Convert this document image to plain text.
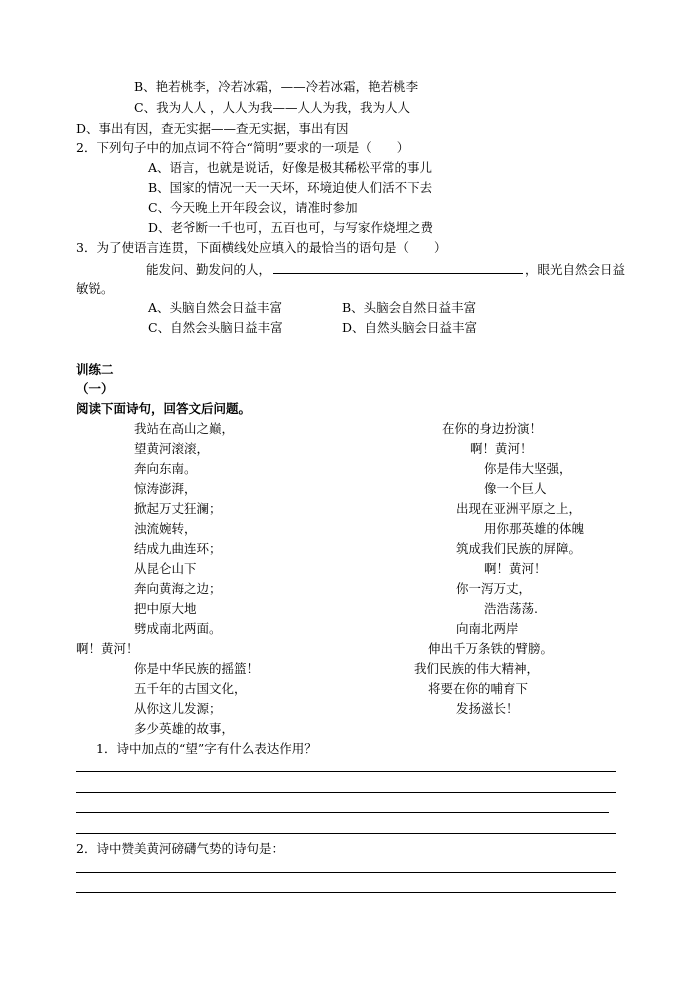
B、艳若桃李，冷若冰霜，——冷若冰霜，艳若桃李
C、我为人人 ，人人为我——人人为我，我为人人
D、事出有因，查无实据——查无实据，事出有因
2．下列句子中的加点词不符合“简明”要求的一项是（　　）
A、语言，也就是说话，好像是极其稀松平常的事儿
B、国家的情况一天一天坏，环境迫使人们活不下去
C、今天晚上开年段会议，请准时参加
D、老爷断一千也可，五百也可，与写家作烧埋之费
3．为了使语言连贯，下面横线处应填入的最恰当的语句是（　　）
能发问、勤发问的人，	，眼光自然会日益
敏锐。
A、头脑自然会日益丰富	B、头脑会自然日益丰富
C、自然会头脑日益丰富	D、自然头脑会日益丰富
训练二
（一）
阅读下面诗句，回答文后问题。
我站在高山之巅，
望黄河滚滚，
奔向东南。
惊涛澎湃，
掀起万丈狂澜；
浊流婉转，
结成九曲连环；
从昆仑山下
奔向黄海之边；
把中原大地
劈成南北两面。
啊！黄河！
你是中华民族的摇篮！
五千年的古国文化，
从你这儿发源；
多少英雄的故事，
在你的身边扮演！
啊！黄河！
你是伟大坚强，
像一个巨人
出现在亚洲平原之上，
用你那英雄的体魄
筑成我们民族的屏障。
啊！黄河！
你一泻万丈，
浩浩荡荡.
向南北两岸
伸出千万条铁的臂膀。
我们民族的伟大精神，
将要在你的哺育下
发扬滋长！
1．诗中加点的“望”字有什么表达作用？
2．诗中赞美黄河磅礴气势的诗句是：
